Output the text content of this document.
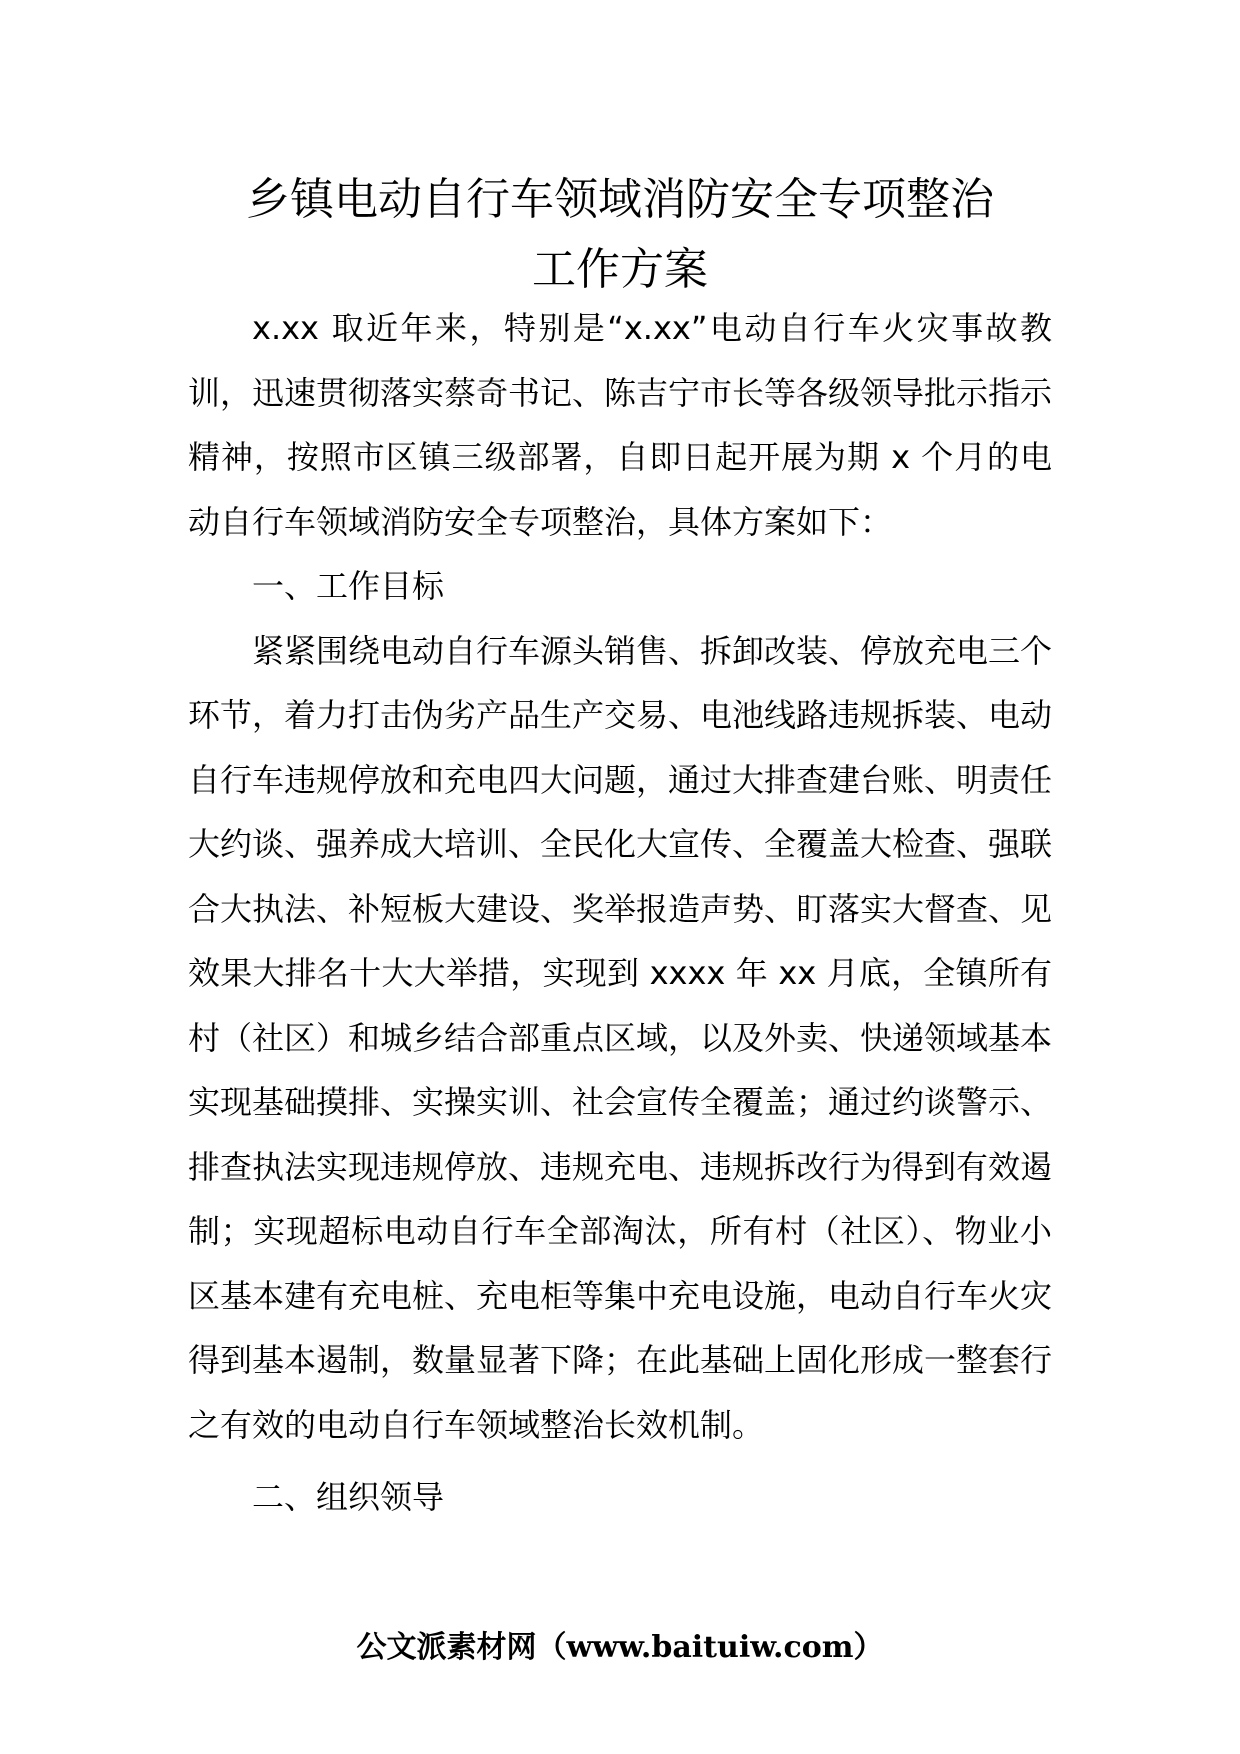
乡镇电动自行车领域消防安全专项整治
工作方案

x.xx 取近年来，特别是“x.xx”电动自行车火灾事故教训，迅速贯彻落实蔡奇书记、陈吉宁市长等各级领导批示指示精神，按照市区镇三级部署，自即日起开展为期 x 个月的电动自行车领域消防安全专项整治，具体方案如下：

一、工作目标

紧紧围绕电动自行车源头销售、拆卸改装、停放充电三个环节，着力打击伪劣产品生产交易、电池线路违规拆装、电动自行车违规停放和充电四大问题，通过大排查建台账、明责任大约谈、强养成大培训、全民化大宣传、全覆盖大检查、强联合大执法、补短板大建设、奖举报造声势、盯落实大督查、见效果大排名十大大举措，实现到 xxxx 年 xx 月底，全镇所有村（社区）和城乡结合部重点区域，以及外卖、快递领域基本实现基础摸排、实操实训、社会宣传全覆盖；通过约谈警示、排查执法实现违规停放、违规充电、违规拆改行为得到有效遏制；实现超标电动自行车全部淘汰，所有村（社区）、物业小区基本建有充电桩、充电柜等集中充电设施，电动自行车火灾得到基本遏制，数量显著下降；在此基础上固化形成一整套行之有效的电动自行车领域整治长效机制。

二、组织领导

公文派素材网（www.baituiw.com）
